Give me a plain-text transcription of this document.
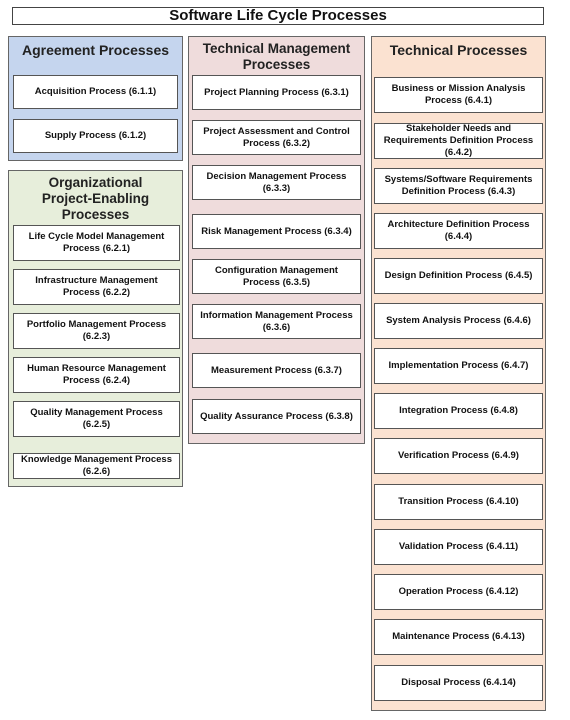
Software Life Cycle Processes
Agreement Processes
Acquisition Process (6.1.1)
Supply Process (6.1.2)
Organizational
Project-Enabling
Processes
Life Cycle Model Management Process (6.2.1)
Infrastructure Management Process (6.2.2)
Portfolio Management Process (6.2.3)
Human Resource Management Process (6.2.4)
Quality Management Process (6.2.5)
Knowledge Management Process (6.2.6)
Technical Management
Processes
Project Planning Process (6.3.1)
Project Assessment and Control Process (6.3.2)
Decision Management Process (6.3.3)
Risk Management Process (6.3.4)
Configuration Management Process (6.3.5)
Information Management Process (6.3.6)
Measurement Process (6.3.7)
Quality Assurance Process (6.3.8)
Technical Processes
Business or Mission Analysis Process (6.4.1)
Stakeholder Needs and Requirements Definition Process (6.4.2)
Systems/Software Requirements Definition Process (6.4.3)
Architecture Definition Process (6.4.4)
Design Definition Process (6.4.5)
System Analysis Process (6.4.6)
Implementation Process (6.4.7)
Integration Process (6.4.8)
Verification Process (6.4.9)
Transition Process (6.4.10)
Validation Process (6.4.11)
Operation Process (6.4.12)
Maintenance Process (6.4.13)
Disposal Process (6.4.14)
